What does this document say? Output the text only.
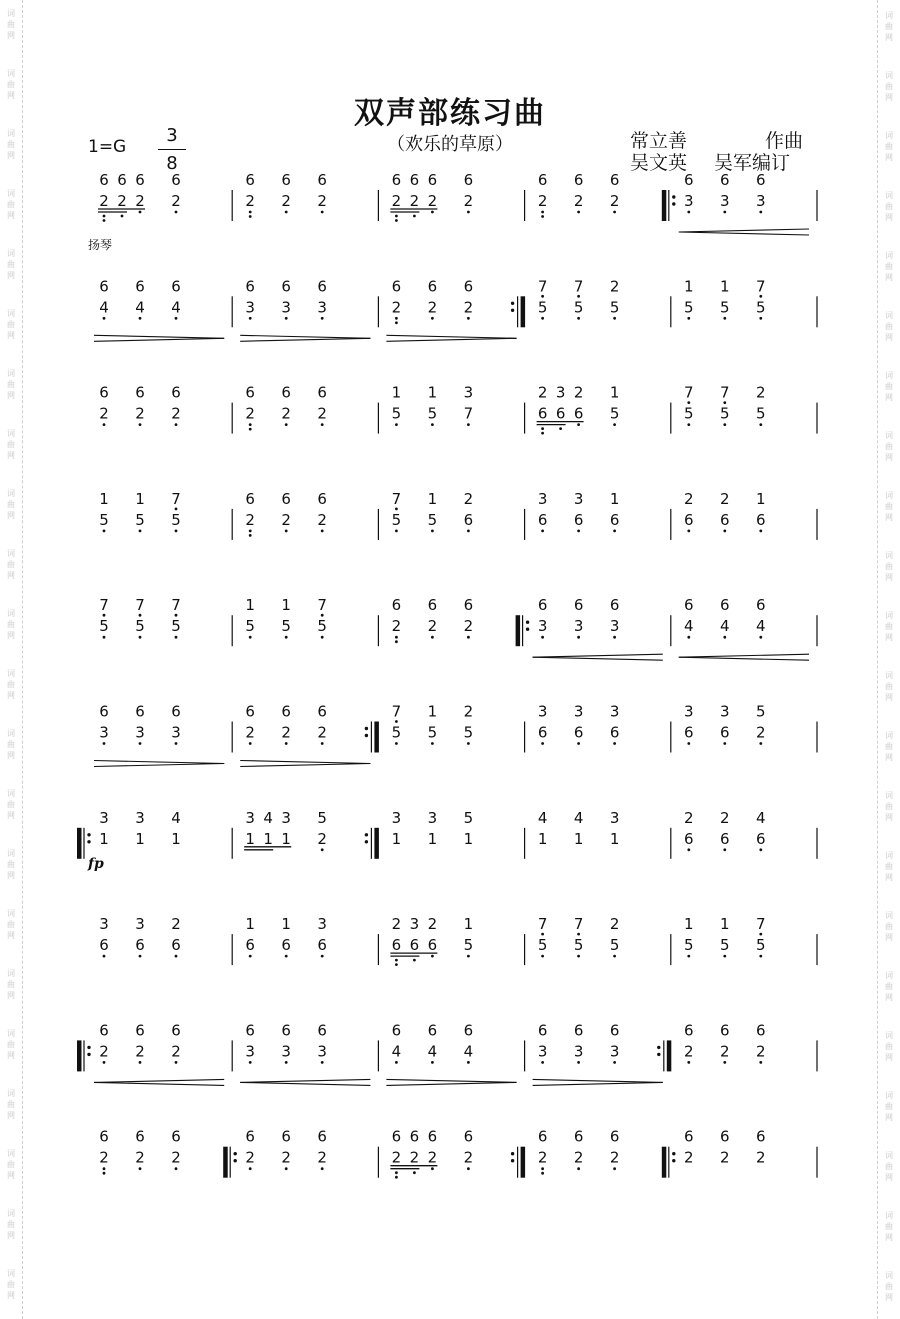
词
曲
网
词
曲
网
词
曲
网
词
曲
网
词
曲
网
词
曲
网
词
曲
网
词
曲
网
词
曲
网
词
曲
网
词
曲
网
词
曲
网
词
曲
网
词
曲
网
词
曲
网
词
曲
网
词
曲
网
词
曲
网
词
曲
网
词
曲
网
词
曲
网
词
曲
网
词
曲
网
词
曲
网
词
曲
网
词
曲
网
词
曲
网
词
曲
网
词
曲
网
词
曲
网
词
曲
网
词
曲
网
词
曲
网
词
曲
网
词
曲
网
词
曲
网
词
曲
网
词
曲
网
词
曲
网
词
曲
网
词
曲
网
词
曲
网
词
曲
网
词
曲
网
双声部练习曲
（欢乐的草原）
$1=G \frac{3}{8}$	常立善	作曲
吴文英 吴军编订
扬琴
fp
6
2
6
2
6
2
6
2
6
2
6
2
6
2
6
2
6
2
6
2
6
2
6
2
6
2
6
2
6
3
6
3
6
3
6
4
6
4
6
4
6
3
6
3
6
3
6
2
6
2
6
2
7
5
7
5
2
5
1
5
1
5
7
5
6
2
6
2
6
2
6
2
6
2
6
2
1
5
1
5
3
7
2
6
3
6
2
6
1
5
7
5
7
5
2
5
1
5
1
5
7
5
6
2
6
2
6
2
7
5
1
5
2
6
3
6
3
6
1
6
2
6
2
6
1
6
7
5
7
5
7
5
1
5
1
5
7
5
6
2
6
2
6
2
6
3
6
3
6
3
6
4
6
4
6
4
6
3
6
3
6
3
6
2
6
2
6
2
7
5
1
5
2
5
3
6
3
6
3
6
3
6
3
6
5
2
3
1
3
1
4
1
3
1
4
1
3
1
5
2
3
1
3
1
5
1
4
1
4
1
3
1
2
6
2
6
4
6
3
6
3
6
2
6
1
6
1
6
3
6
2
6
3
6
2
6
1
5
7
5
7
5
2
5
1
5
1
5
7
5
6
2
6
2
6
2
6
3
6
3
6
3
6
4
6
4
6
4
6
3
6
3
6
3
6
2
6
2
6
2
6
2
6
2
6
2
6
2
6
2
6
2
6
2
6
2
6
2
6
2
6
2
6
2
6
2
6
2
6
2
6
2
